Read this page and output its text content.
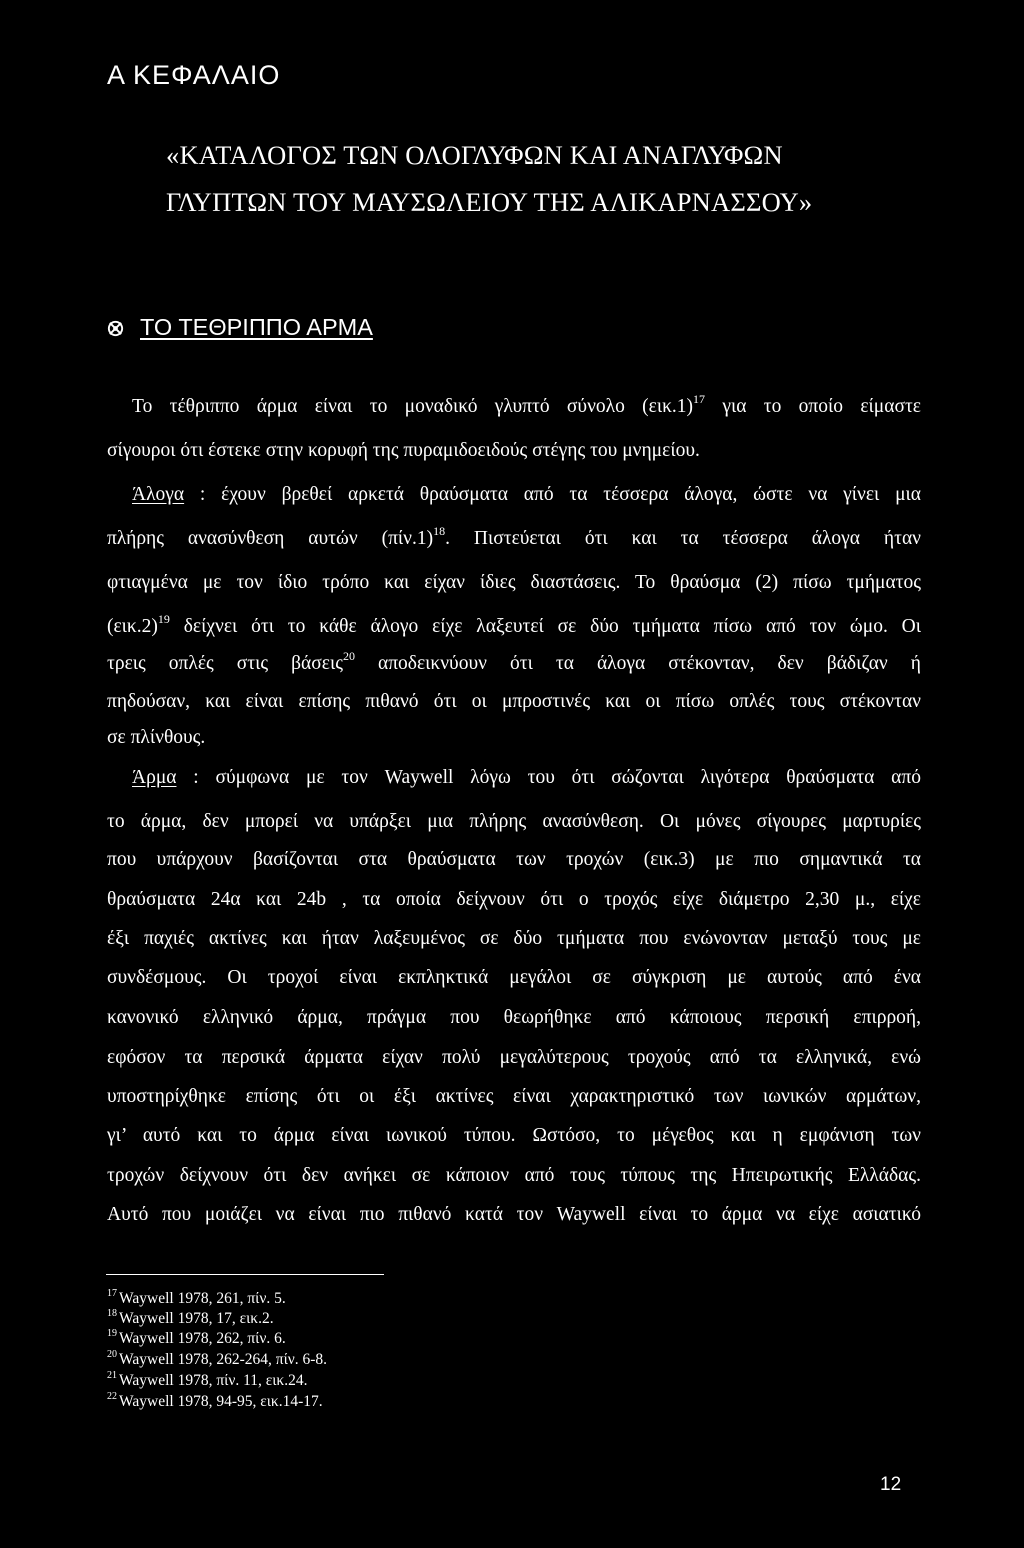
Α ΚΕΦΑΛΑΙΟ
«ΚΑΤΑΛΟΓΟΣ ΤΩΝ ΟΛΟΓΛΥΦΩΝ ΚΑΙ ΑΝΑΓΛΥΦΩΝ
ΓΛΥΠΤΩΝ ΤΟΥ ΜΑΥΣΩΛΕΙΟΥ ΤΗΣ ΑΛΙΚΑΡΝΑΣΣΟΥ»
ΤΟ ΤΕΘΡΙΠΠΟ ΑΡΜΑ
Το τέθριππο άρμα είναι το μοναδικό γλυπτό σύνολο $(\varepsilon\iota\kappa.1)^{17}$ για το οποίο είμαστε
σίγουροι ότι έστεκε στην κορυφή της πυραμιδοειδούς στέγης του μνημείου.
Άλογα : έχουν βρεθεί αρκετά θραύσματα από τα τέσσερα άλογα, ώστε να γίνει μια
πλήρης ανασύνθεση αυτών $(\pi ί\nu.1)^{18}$. Πιστεύεται ότι και τα τέσσερα άλογα ήταν
φτιαγμένα με τον ίδιο τρόπο και είχαν ίδιες διαστάσεις. Το θραύσμα (2) πίσω τμήματος
$(\varepsilon\iota\kappa.2)^{19}$ δείχνει ότι το κάθε άλογο είχε λαξευτεί σε δύο τμήματα πίσω από τον ώμο. Οι
τρεις οπλές στις βάσεις$^{20}$ αποδεικνύουν ότι τα άλογα στέκονταν, δεν βάδιζαν ή
πηδούσαν, και είναι επίσης πιθανό ότι οι μπροστινές και οι πίσω οπλές τους στέκονταν
σε πλίνθους.
Άρμα : σύμφωνα με τον Waywell λόγω του ότι σώζονται λιγότερα θραύσματα από
το άρμα, δεν μπορεί να υπάρξει μια πλήρης ανασύνθεση. Οι μόνες σίγουρες μαρτυρίες
που υπάρχουν βασίζονται στα θραύσματα των τροχών (εικ.3) με πιο σημαντικά τα
θραύσματα 24α και 24b , τα οποία δείχνουν ότι ο τροχός είχε διάμετρο 2,30 μ., είχε
έξι παχιές ακτίνες και ήταν λαξευμένος σε δύο τμήματα που ενώνονταν μεταξύ τους με
συνδέσμους. Οι τροχοί είναι εκπληκτικά μεγάλοι σε σύγκριση με αυτούς από ένα
κανονικό ελληνικό άρμα, πράγμα που θεωρήθηκε από κάποιους περσική επιρροή,
εφόσον τα περσικά άρματα είχαν πολύ μεγαλύτερους τροχούς από τα ελληνικά, ενώ
υποστηρίχθηκε επίσης ότι οι έξι ακτίνες είναι χαρακτηριστικό των ιωνικών αρμάτων,
γι’ αυτό και το άρμα είναι ιωνικού τύπου. Ωστόσο, το μέγεθος και η εμφάνιση των
τροχών δείχνουν ότι δεν ανήκει σε κάποιον από τους τύπους της Ηπειρωτικής Ελλάδας.
Αυτό που μοιάζει να είναι πιο πιθανό κατά τον Waywell είναι το άρμα να είχε ασιατικό
$^{17}$ Waywell 1978, 261, πίν. 5.
$^{18}$ Waywell 1978, 17, εικ.2.
$^{19}$ Waywell 1978, 262, πίν. 6.
$^{20}$ Waywell 1978, 262-264, πίν. 6-8.
$^{21}$ Waywell 1978, πίν. 11, εικ.24.
$^{22}$ Waywell 1978, 94-95, εικ.14-17.
12
